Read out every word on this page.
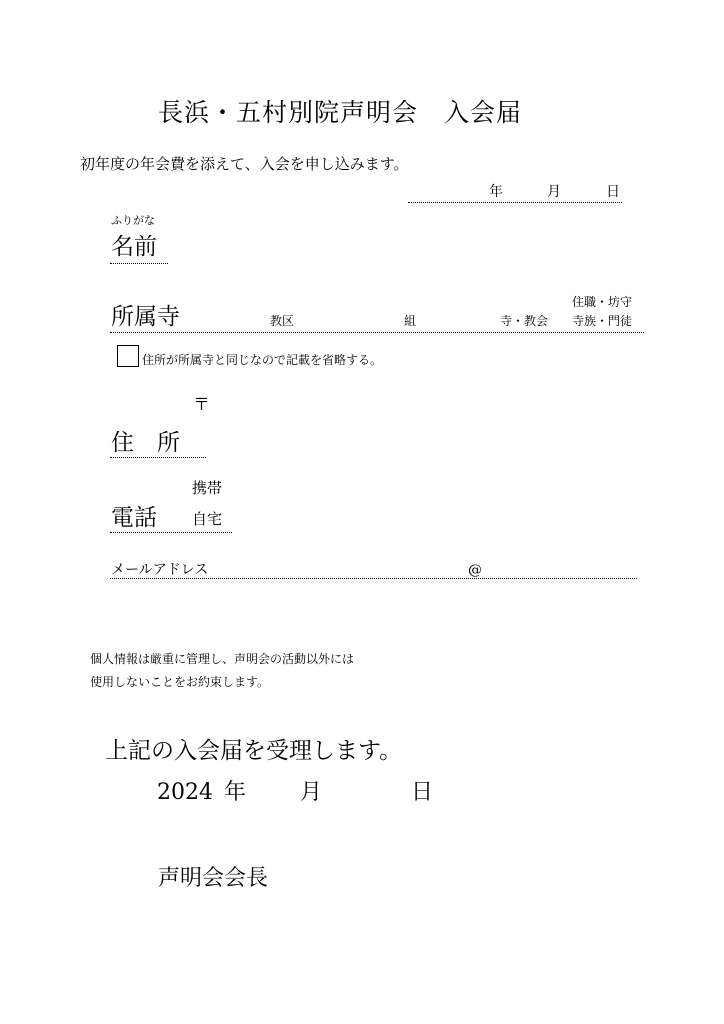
長浜・五村別院声明会　入会届
初年度の年会費を添えて、入会を申し込みます。
年	月	日
ふりがな
名前
所属寺	教区	組	寺・教会
住職・坊守
寺族・門徒
住所が所属寺と同じなので記載を省略する。
〒
住　所
携帯
電話 自宅
メールアドレス	@
個人情報は厳重に管理し、声明会の活動以外には
使用しないことをお約束します。
上記の入会届を受理します。
2024 年 月	日
声明会会長
